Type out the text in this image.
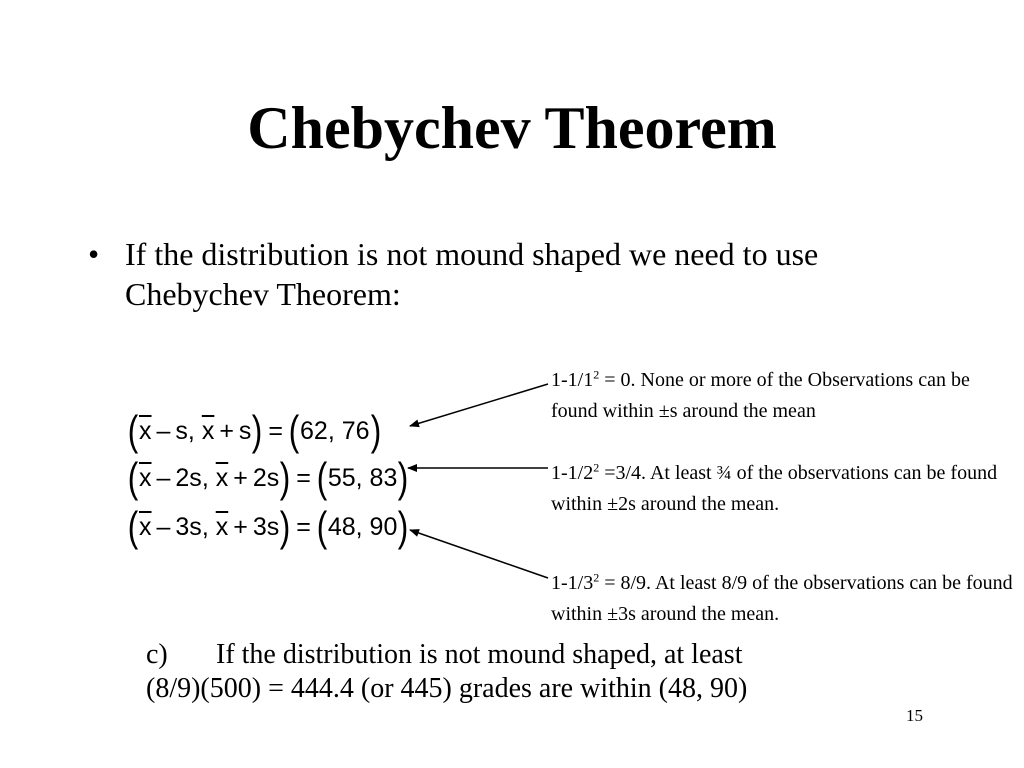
Chebychev Theorem
• If the distribution is not mound shaped we need to use Chebychev Theorem:
( $\overline{x}$ – s ,
$\overline{x} + s$ ) = ( 62, 76 )
( $\overline{x} - 2s$ ,
$\overline{x} + 2s$ ) = ( 55, 83 )
( $\overline{x} - 3s$ ,
$\overline{x} + 3s$ ) = ( 48, 90 )

$1-1/1^2 = 0$. None or more of the Observations can be found within ±s around the mean

$1-1/2^2 =3/4$. At least ¾ of the observations can be found within ±2s around the mean.

$1-1/3^2 = 8/9$. At least 8/9 of the observations can be found within ±3s around the mean.

c) If the distribution is not mound shaped, at least
(8/9)(500) = 444.4 (or 445) grades are within (48, 90)
15
